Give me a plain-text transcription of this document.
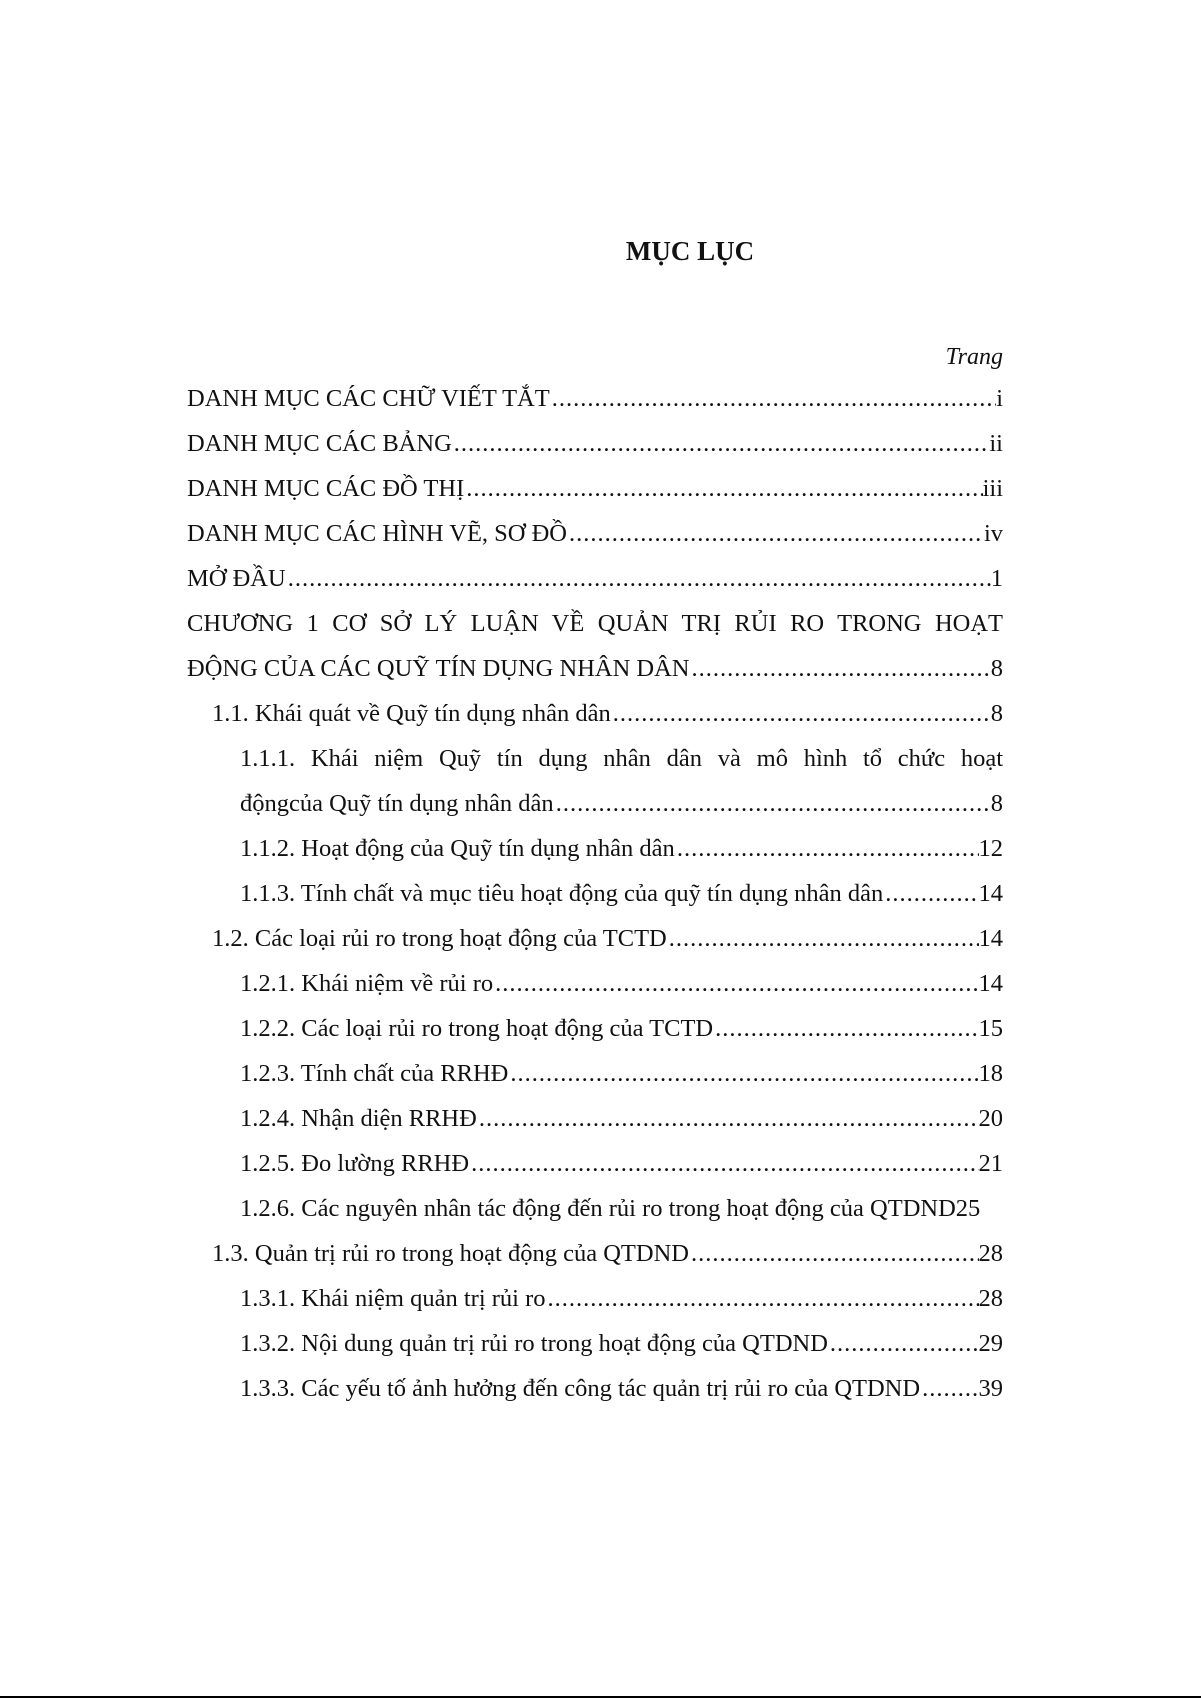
MỤC LỤC
Trang
DANH MỤC CÁC CHỮ VIẾT TẮT .....	i
DANH MỤC CÁC BẢNG .....	ii
DANH MỤC CÁC ĐỒ THỊ .....	iii
DANH MỤC CÁC HÌNH VẼ, SƠ ĐỒ .....	iv
MỞ ĐẦU .....	1
CHƯƠNG 1 CƠ SỞ LÝ LUẬN VỀ QUẢN TRỊ RỦI RO TRONG HOẠT
ĐỘNG CỦA CÁC QUỸ TÍN DỤNG NHÂN DÂN .....	8
1.1. Khái quát về Quỹ tín dụng nhân dân .....	8
1.1.1. Khái niệm Quỹ tín dụng nhân dân và mô hình tổ chức hoạt
độngcủa Quỹ tín dụng nhân dân .....	8
1.1.2. Hoạt động của Quỹ tín dụng nhân dân .....	12
1.1.3. Tính chất và mục tiêu hoạt động của quỹ tín dụng nhân dân .....	14
1.2. Các loại rủi ro trong hoạt động của TCTD .....	14
1.2.1. Khái niệm về rủi ro .....	14
1.2.2. Các loại rủi ro trong hoạt động của TCTD .....	15
1.2.3. Tính chất của RRHĐ .....	18
1.2.4. Nhận diện RRHĐ .....	20
1.2.5. Đo lường RRHĐ .....	21
1.2.6. Các nguyên nhân tác động đến rủi ro trong hoạt động của QTDND 25
1.3. Quản trị rủi ro trong hoạt động của QTDND .....	28
1.3.1. Khái niệm quản trị rủi ro .....	28
1.3.2. Nội dung quản trị rủi ro trong hoạt động của QTDND .....	29
1.3.3. Các yếu tố ảnh hưởng đến công tác quản trị rủi ro của QTDND ..... 39
